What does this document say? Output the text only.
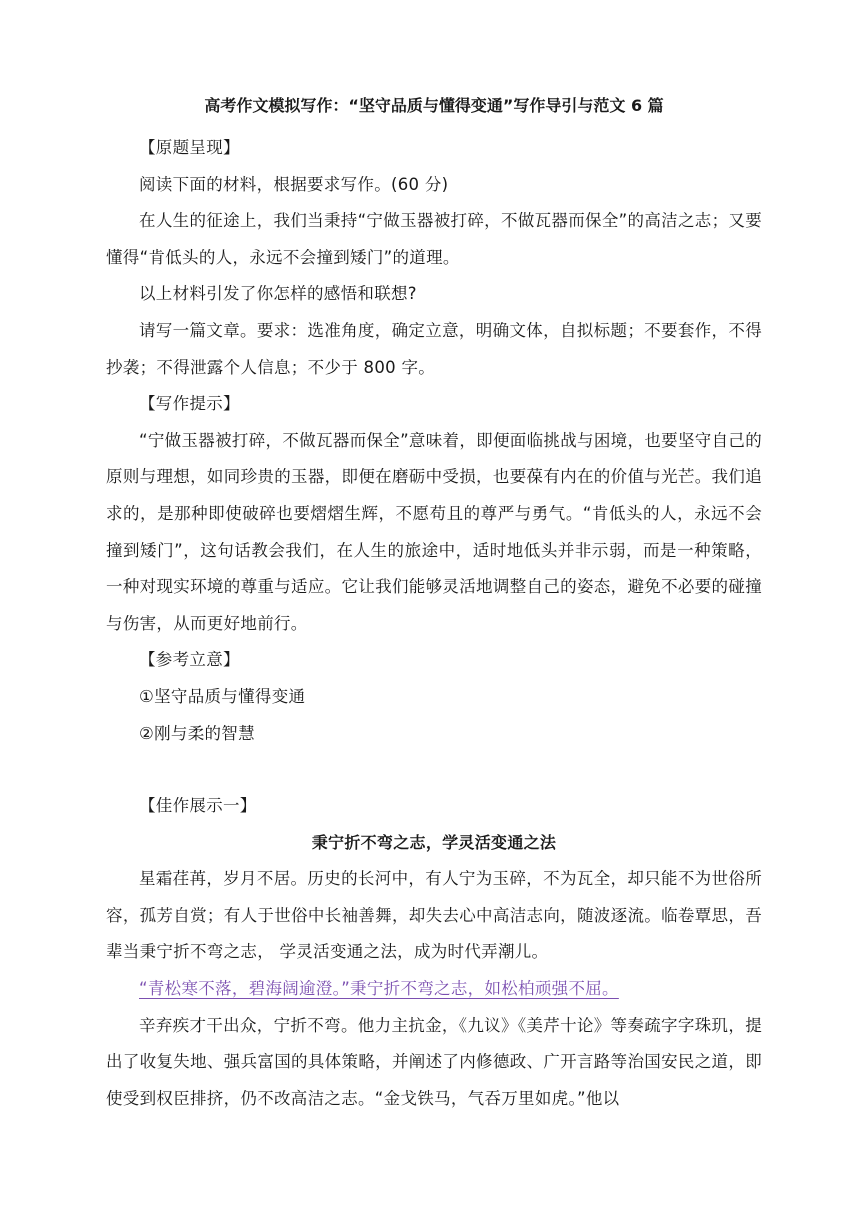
高考作文模拟写作：“坚守品质与懂得变通”写作导引与范文 6 篇

【原题呈现】

阅读下面的材料，根据要求写作。(60 分)

在人生的征途上，我们当秉持“宁做玉器被打碎，不做瓦器而保全”的高洁之志；又要懂得“肯低头的人，永远不会撞到矮门”的道理。

以上材料引发了你怎样的感悟和联想?

请写一篇文章。要求：选准角度，确定立意，明确文体，自拟标题；不要套作，不得抄袭；不得泄露个人信息；不少于 800 字。

【写作提示】

“宁做玉器被打碎，不做瓦器而保全”意味着，即便面临挑战与困境，也要坚守自己的原则与理想，如同珍贵的玉器，即便在磨砺中受损，也要葆有内在的价值与光芒。我们追求的，是那种即使破碎也要熠熠生辉，不愿苟且的尊严与勇气。“肯低头的人，永远不会撞到矮门”，这句话教会我们，在人生的旅途中，适时地低头并非示弱，而是一种策略，一种对现实环境的尊重与适应。它让我们能够灵活地调整自己的姿态，避免不必要的碰撞与伤害，从而更好地前行。

【参考立意】

①坚守品质与懂得变通

②刚与柔的智慧

【佳作展示一】

秉宁折不弯之志，学灵活变通之法

星霜荏苒，岁月不居。历史的长河中，有人宁为玉碎，不为瓦全，却只能不为世俗所容，孤芳自赏；有人于世俗中长袖善舞，却失去心中高洁志向，随波逐流。临卷覃思，吾辈当秉宁折不弯之志， 学灵活变通之法，成为时代弄潮儿。

“青松寒不落，碧海阔逾澄。”秉宁折不弯之志，如松柏顽强不屈。

辛弃疾才干出众，宁折不弯。他力主抗金，《九议》《美芹十论》等奏疏字字珠玑，提出了收复失地、强兵富国的具体策略，并阐述了内修德政、广开言路等治国安民之道，即使受到权臣排挤，仍不改高洁之志。“金戈铁马，气吞万里如虎。”他以
